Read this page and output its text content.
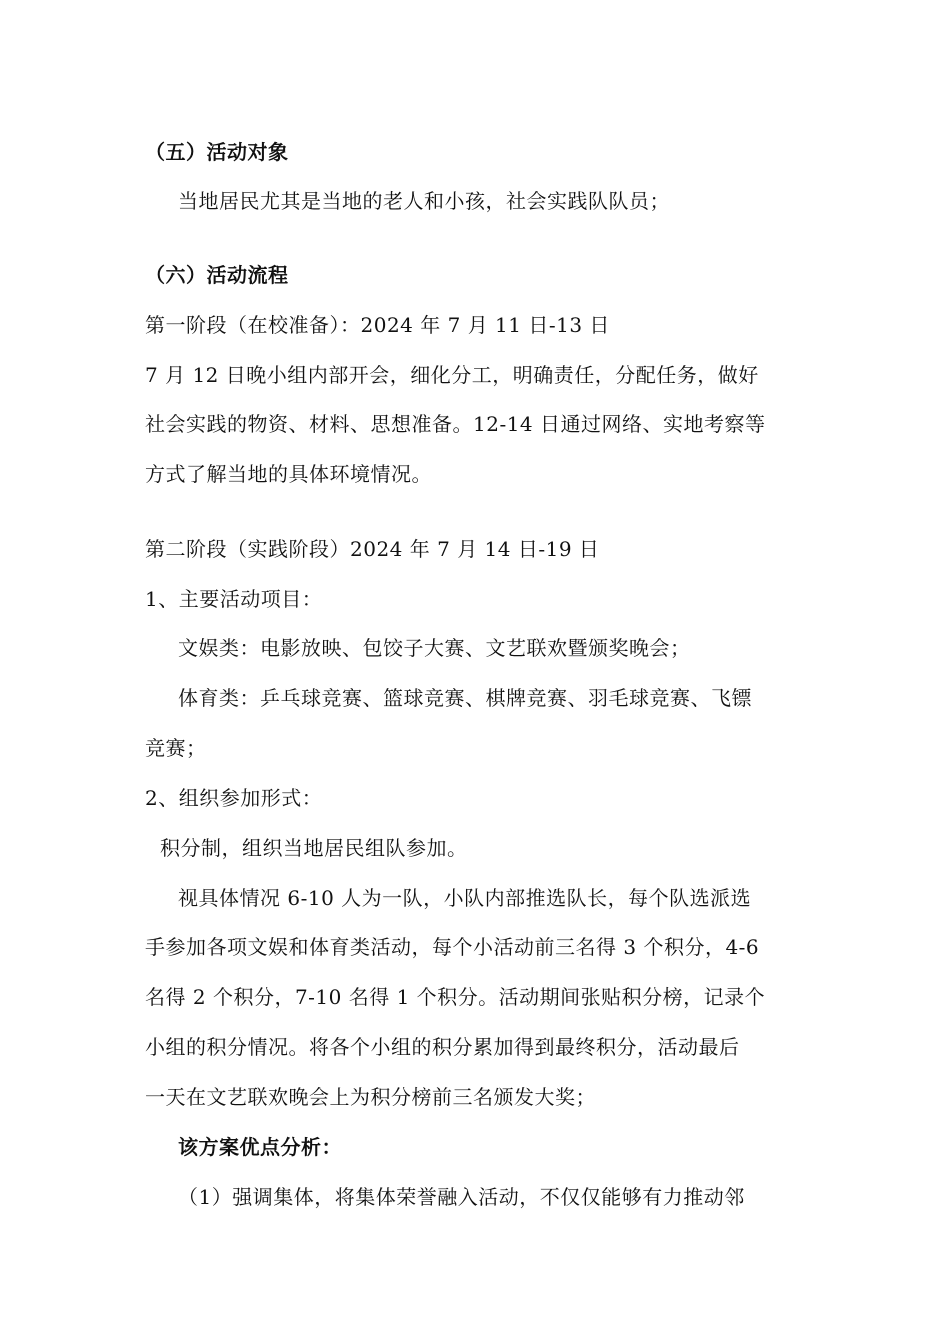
（五）活动对象
当地居民尤其是当地的老人和小孩，社会实践队队员；
（六）活动流程
第一阶段（在校准备）：2024 年 7 月 11 日-13 日
7 月 12 日晚小组内部开会，细化分工，明确责任，分配任务，做好
社会实践的物资、材料、思想准备。12-14 日通过网络、实地考察等
方式了解当地的具体环境情况。
第二阶段（实践阶段）2024 年 7 月 14 日-19 日
1、主要活动项目：
文娱类：电影放映、包饺子大赛、文艺联欢暨颁奖晚会；
体育类：乒乓球竞赛、篮球竞赛、棋牌竞赛、羽毛球竞赛、飞镖
竞赛；
2、组织参加形式：
积分制，组织当地居民组队参加。
视具体情况 6-10 人为一队，小队内部推选队长，每个队选派选
手参加各项文娱和体育类活动，每个小活动前三名得 3 个积分，4-6
名得 2 个积分，7-10 名得 1 个积分。活动期间张贴积分榜，记录个
小组的积分情况。将各个小组的积分累加得到最终积分，活动最后
一天在文艺联欢晚会上为积分榜前三名颁发大奖；
该方案优点分析：
（1）强调集体，将集体荣誉融入活动，不仅仅能够有力推动邻
